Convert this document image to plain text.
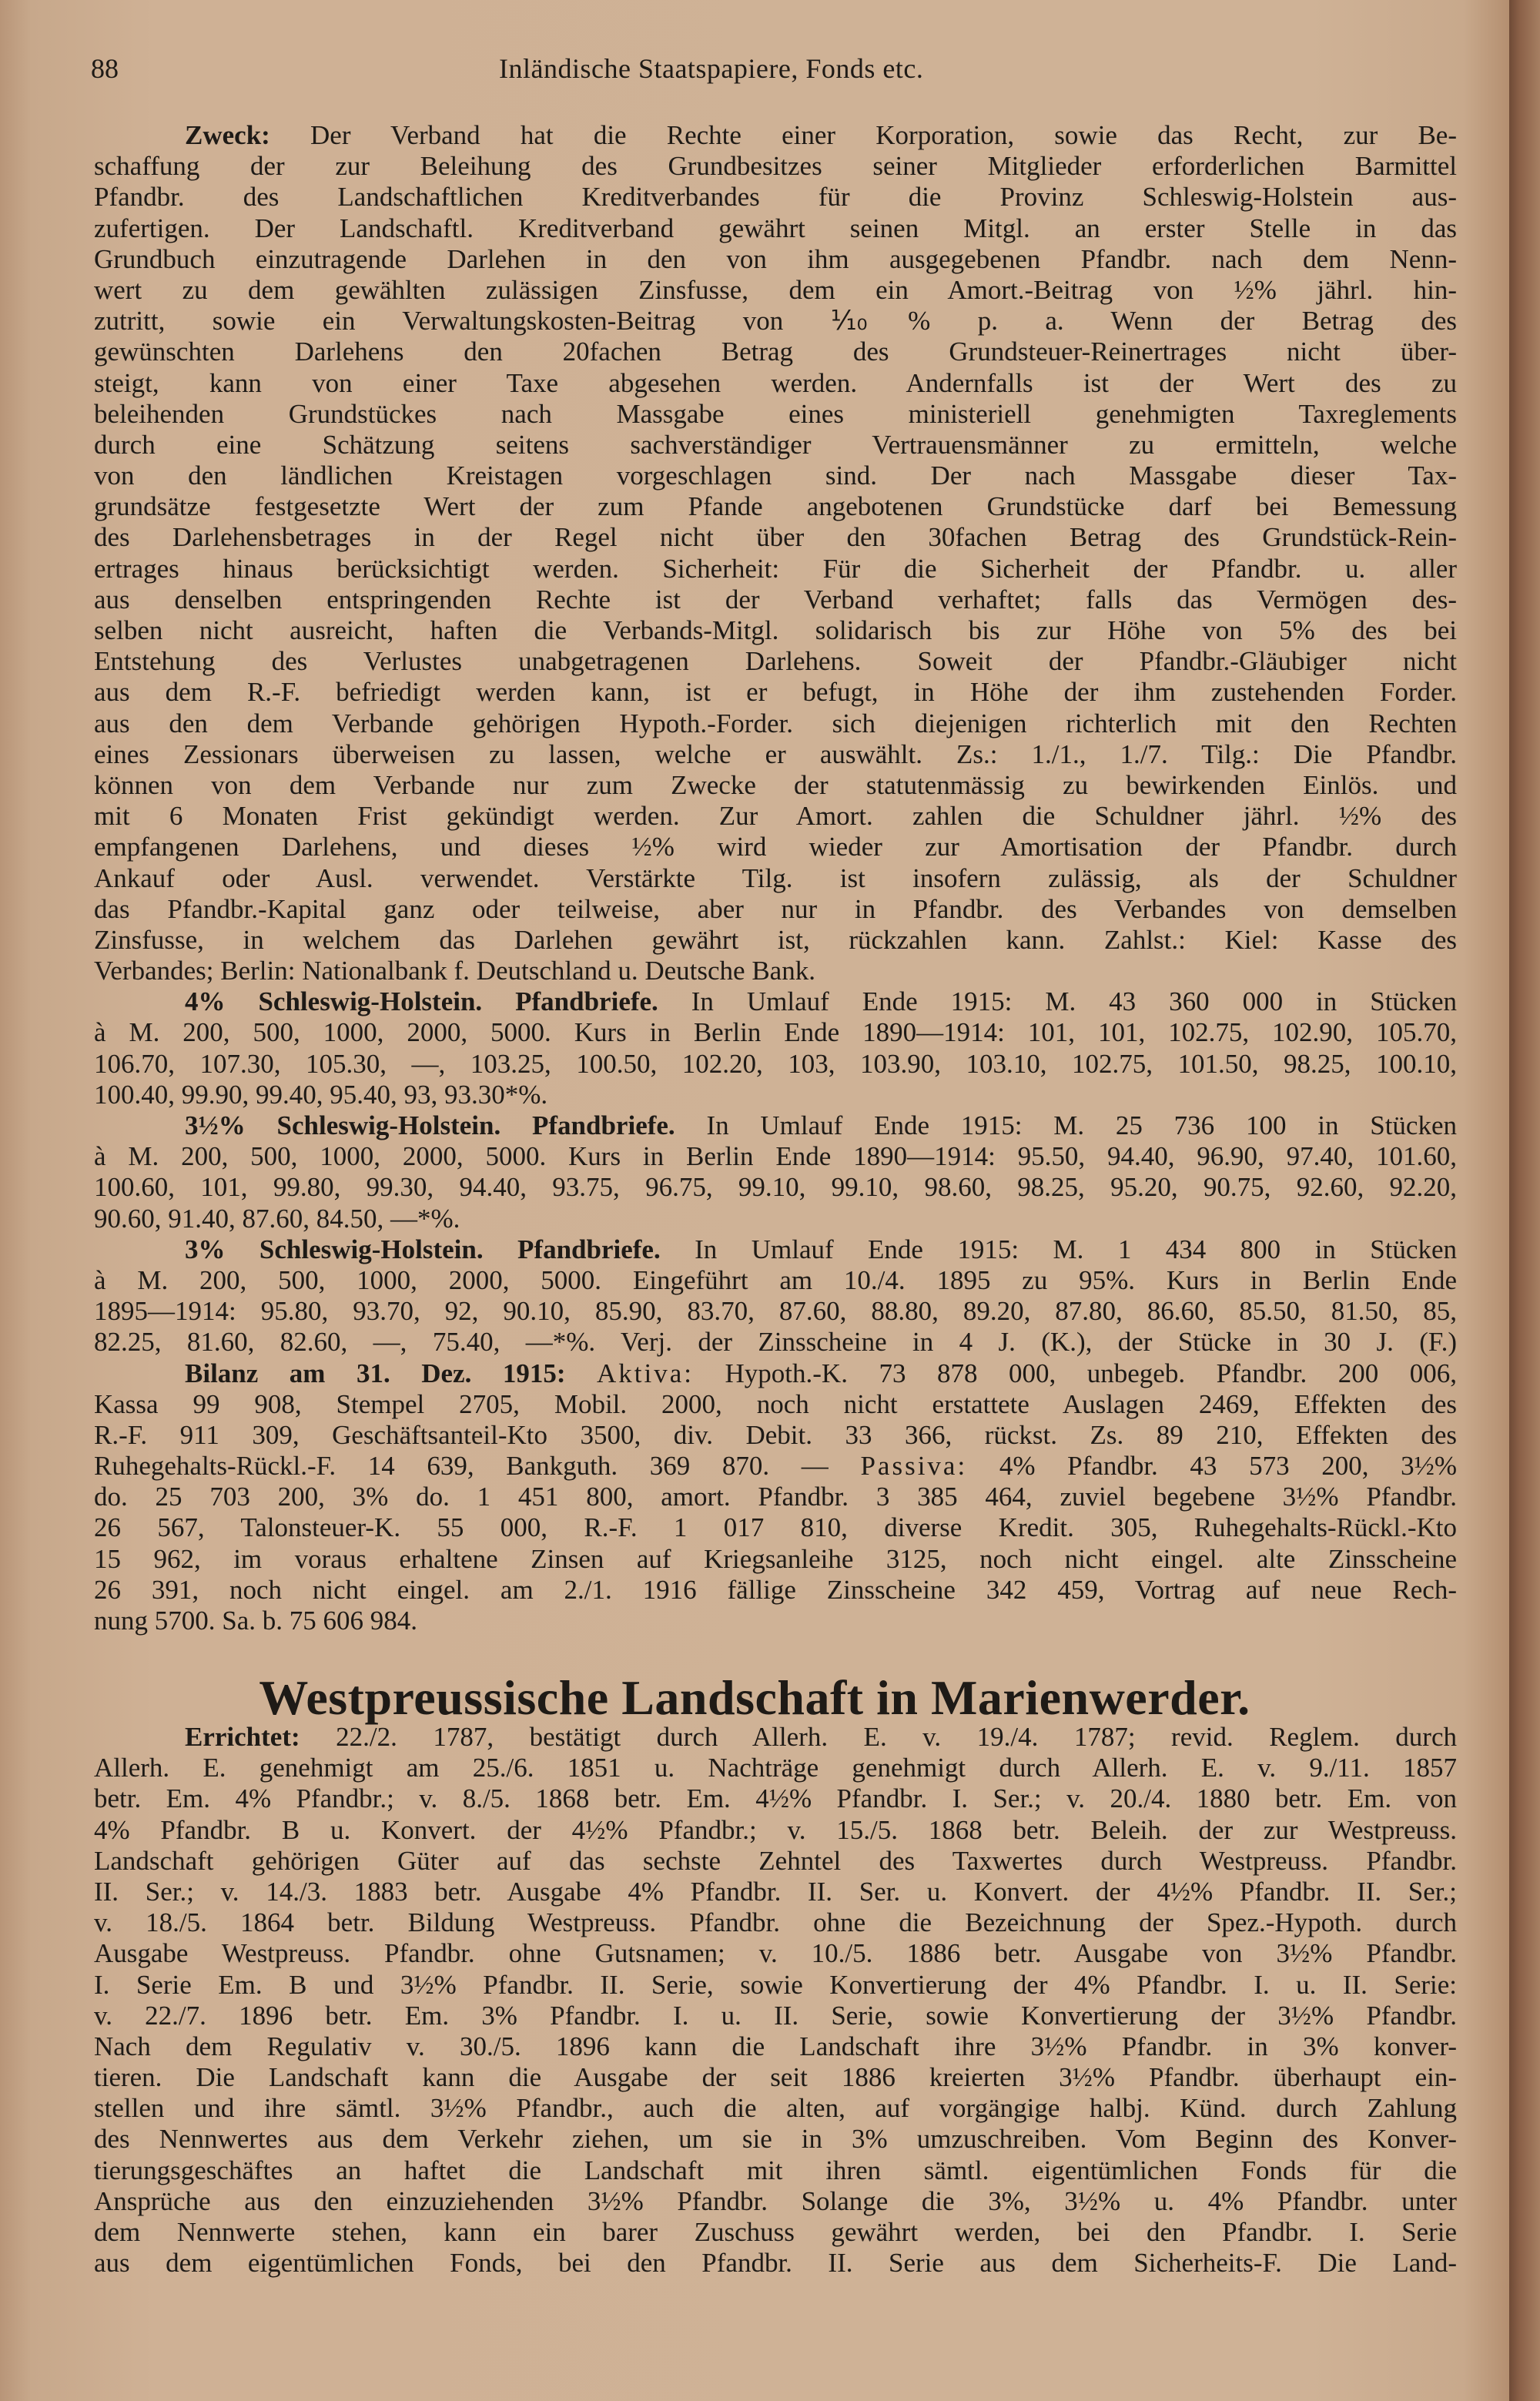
88	Inländische Staatspapiere, Fonds etc.
Zweck: Der Verband hat die Rechte einer Korporation, sowie das Recht, zur Be-
schaffung der zur Beleihung des Grundbesitzes seiner Mitglieder erforderlichen Barmittel
Pfandbr. des Landschaftlichen Kreditverbandes für die Provinz Schleswig-Holstein aus-
zufertigen. Der Landschaftl. Kreditverband gewährt seinen Mitgl. an erster Stelle in das
Grundbuch einzutragende Darlehen in den von ihm ausgegebenen Pfandbr. nach dem Nenn-
wert zu dem gewählten zulässigen Zinsfusse, dem ein Amort.-Beitrag von ½% jährl. hin-
zutritt, sowie ein Verwaltungskosten-Beitrag von ⅒% p. a. Wenn der Betrag des
gewünschten Darlehens den 20fachen Betrag des Grundsteuer-Reinertrages nicht über-
steigt, kann von einer Taxe abgesehen werden. Andernfalls ist der Wert des zu
beleihenden Grundstückes nach Massgabe eines ministeriell genehmigten Taxreglements
durch eine Schätzung seitens sachverständiger Vertrauensmänner zu ermitteln, welche
von den ländlichen Kreistagen vorgeschlagen sind. Der nach Massgabe dieser Tax-
grundsätze festgesetzte Wert der zum Pfande angebotenen Grundstücke darf bei Bemessung
des Darlehensbetrages in der Regel nicht über den 30fachen Betrag des Grundstück-Rein-
ertrages hinaus berücksichtigt werden. Sicherheit: Für die Sicherheit der Pfandbr. u. aller
aus denselben entspringenden Rechte ist der Verband verhaftet; falls das Vermögen des-
selben nicht ausreicht, haften die Verbands-Mitgl. solidarisch bis zur Höhe von 5% des bei
Entstehung des Verlustes unabgetragenen Darlehens. Soweit der Pfandbr.-Gläubiger nicht
aus dem R.-F. befriedigt werden kann, ist er befugt, in Höhe der ihm zustehenden Forder.
aus den dem Verbande gehörigen Hypoth.-Forder. sich diejenigen richterlich mit den Rechten
eines Zessionars überweisen zu lassen, welche er auswählt. Zs.: 1./1., 1./7. Tilg.: Die Pfandbr.
können von dem Verbande nur zum Zwecke der statutenmässig zu bewirkenden Einlös. und
mit 6 Monaten Frist gekündigt werden. Zur Amort. zahlen die Schuldner jährl. ½% des
empfangenen Darlehens, und dieses ½% wird wieder zur Amortisation der Pfandbr. durch
Ankauf oder Ausl. verwendet. Verstärkte Tilg. ist insofern zulässig, als der Schuldner
das Pfandbr.-Kapital ganz oder teilweise, aber nur in Pfandbr. des Verbandes von demselben
Zinsfusse, in welchem das Darlehen gewährt ist, rückzahlen kann. Zahlst.: Kiel: Kasse des
Verbandes; Berlin: Nationalbank f. Deutschland u. Deutsche Bank.
4% Schleswig-Holstein. Pfandbriefe. In Umlauf Ende 1915: M. 43 360 000 in Stücken
à M. 200, 500, 1000, 2000, 5000. Kurs in Berlin Ende 1890—1914: 101, 101, 102.75, 102.90, 105.70,
106.70, 107.30, 105.30, —, 103.25, 100.50, 102.20, 103, 103.90, 103.10, 102.75, 101.50, 98.25, 100.10,
100.40, 99.90, 99.40, 95.40, 93, 93.30*%.
3½% Schleswig-Holstein. Pfandbriefe. In Umlauf Ende 1915: M. 25 736 100 in Stücken
à M. 200, 500, 1000, 2000, 5000. Kurs in Berlin Ende 1890—1914: 95.50, 94.40, 96.90, 97.40, 101.60,
100.60, 101, 99.80, 99.30, 94.40, 93.75, 96.75, 99.10, 99.10, 98.60, 98.25, 95.20, 90.75, 92.60, 92.20,
90.60, 91.40, 87.60, 84.50, —*%.
3% Schleswig-Holstein. Pfandbriefe. In Umlauf Ende 1915: M. 1 434 800 in Stücken
à M. 200, 500, 1000, 2000, 5000. Eingeführt am 10./4. 1895 zu 95%. Kurs in Berlin Ende
1895—1914: 95.80, 93.70, 92, 90.10, 85.90, 83.70, 87.60, 88.80, 89.20, 87.80, 86.60, 85.50, 81.50, 85,
82.25, 81.60, 82.60, —, 75.40, —*%. Verj. der Zinsscheine in 4 J. (K.), der Stücke in 30 J. (F.)
Bilanz am 31. Dez. 1915: Aktiva: Hypoth.-K. 73 878 000, unbegeb. Pfandbr. 200 006,
Kassa 99 908, Stempel 2705, Mobil. 2000, noch nicht erstattete Auslagen 2469, Effekten des
R.-F. 911 309, Geschäftsanteil-Kto 3500, div. Debit. 33 366, rückst. Zs. 89 210, Effekten des
Ruhegehalts-Rückl.-F. 14 639, Bankguth. 369 870. — Passiva: 4% Pfandbr. 43 573 200, 3½%
do. 25 703 200, 3% do. 1 451 800, amort. Pfandbr. 3 385 464, zuviel begebene 3½% Pfandbr.
26 567, Talonsteuer-K. 55 000, R.-F. 1 017 810, diverse Kredit. 305, Ruhegehalts-Rückl.-Kto
15 962, im voraus erhaltene Zinsen auf Kriegsanleihe 3125, noch nicht eingel. alte Zinsscheine
26 391, noch nicht eingel. am 2./1. 1916 fällige Zinsscheine 342 459, Vortrag auf neue Rech-
nung 5700. Sa. b. 75 606 984.
Westpreussische Landschaft in Marienwerder.
Errichtet: 22./2. 1787, bestätigt durch Allerh. E. v. 19./4. 1787; revid. Reglem. durch
Allerh. E. genehmigt am 25./6. 1851 u. Nachträge genehmigt durch Allerh. E. v. 9./11. 1857
betr. Em. 4% Pfandbr.; v. 8./5. 1868 betr. Em. 4½% Pfandbr. I. Ser.; v. 20./4. 1880 betr. Em. von
4% Pfandbr. B u. Konvert. der 4½% Pfandbr.; v. 15./5. 1868 betr. Beleih. der zur Westpreuss.
Landschaft gehörigen Güter auf das sechste Zehntel des Taxwertes durch Westpreuss. Pfandbr.
II. Ser.; v. 14./3. 1883 betr. Ausgabe 4% Pfandbr. II. Ser. u. Konvert. der 4½% Pfandbr. II. Ser.;
v. 18./5. 1864 betr. Bildung Westpreuss. Pfandbr. ohne die Bezeichnung der Spez.-Hypoth. durch
Ausgabe Westpreuss. Pfandbr. ohne Gutsnamen; v. 10./5. 1886 betr. Ausgabe von 3½% Pfandbr.
I. Serie Em. B und 3½% Pfandbr. II. Serie, sowie Konvertierung der 4% Pfandbr. I. u. II. Serie:
v. 22./7. 1896 betr. Em. 3% Pfandbr. I. u. II. Serie, sowie Konvertierung der 3½% Pfandbr.
Nach dem Regulativ v. 30./5. 1896 kann die Landschaft ihre 3½% Pfandbr. in 3% konver-
tieren. Die Landschaft kann die Ausgabe der seit 1886 kreierten 3½% Pfandbr. überhaupt ein-
stellen und ihre sämtl. 3½% Pfandbr., auch die alten, auf vorgängige halbj. Künd. durch Zahlung
des Nennwertes aus dem Verkehr ziehen, um sie in 3% umzuschreiben. Vom Beginn des Konver-
tierungsgeschäftes an haftet die Landschaft mit ihren sämtl. eigentümlichen Fonds für die
Ansprüche aus den einzuziehenden 3½% Pfandbr. Solange die 3%, 3½% u. 4% Pfandbr. unter
dem Nennwerte stehen, kann ein barer Zuschuss gewährt werden, bei den Pfandbr. I. Serie
aus dem eigentümlichen Fonds, bei den Pfandbr. II. Serie aus dem Sicherheits-F. Die Land-
